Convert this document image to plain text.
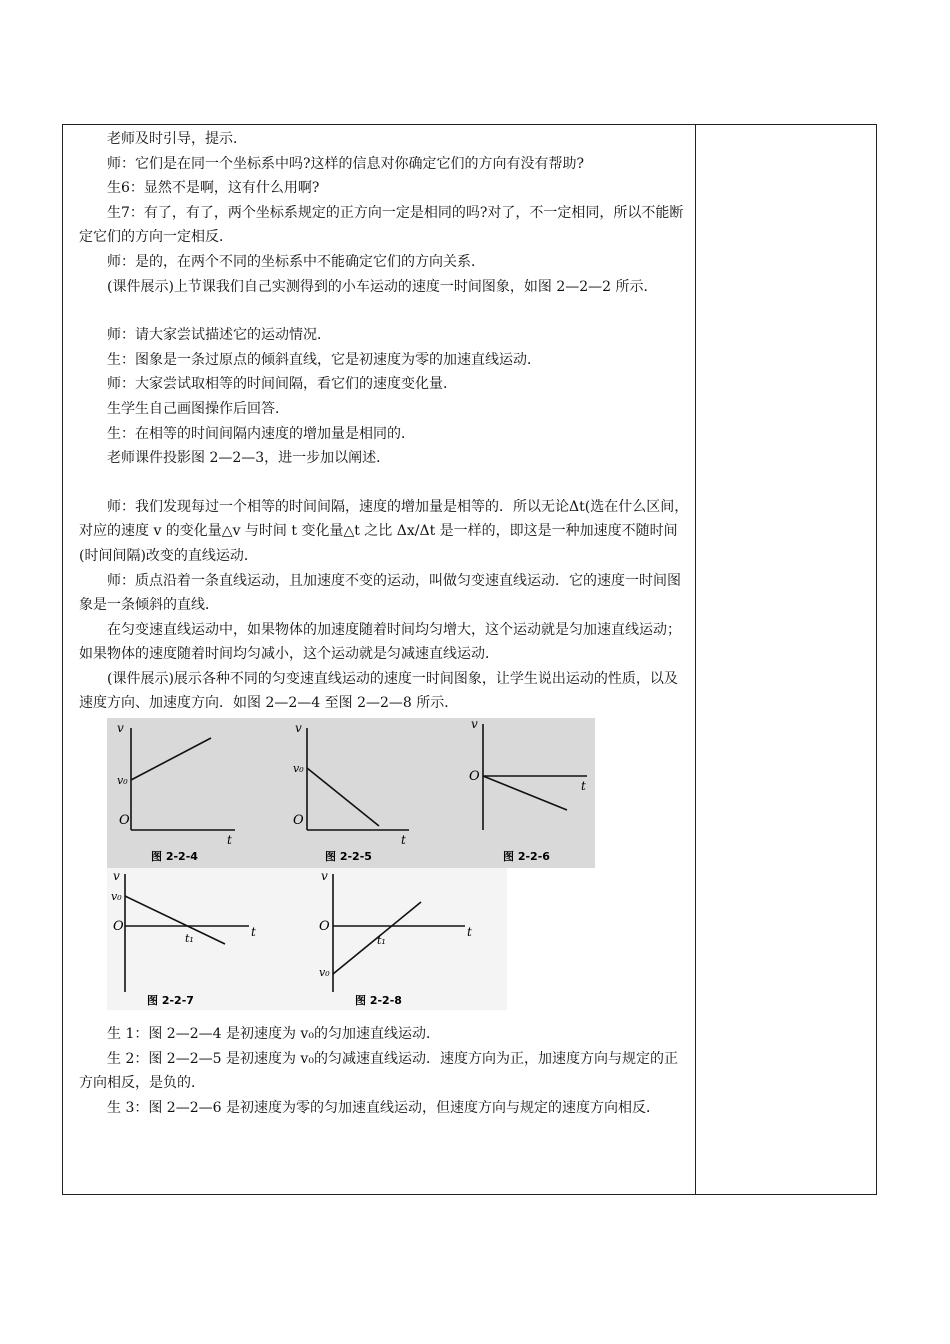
老师及时引导，提示．

师：它们是在同一个坐标系中吗?这样的信息对你确定它们的方向有没有帮助?

生6：显然不是啊，这有什么用啊?

生7：有了，有了，两个坐标系规定的正方向一定是相同的吗?对了，不一定相同，所以不能断定它们的方向一定相反．

师：是的，在两个不同的坐标系中不能确定它们的方向关系．

(课件展示)上节课我们自己实测得到的小车运动的速度一时间图象，如图 2—2—2 所示．

师：请大家尝试描述它的运动情况．

生：图象是一条过原点的倾斜直线，它是初速度为零的加速直线运动．

师：大家尝试取相等的时间间隔，看它们的速度变化量．

生学生自己画图操作后回答．

生：在相等的时间间隔内速度的增加量是相同的．

老师课件投影图 2—2—3，进一步加以阐述．

师：我们发现每过一个相等的时间间隔，速度的增加量是相等的．所以无论Δt(选在什么区间，对应的速度 v 的变化量△v 与时间 t 变化量△t 之比 Δx/Δt 是一样的，即这是一种加速度不随时间(时间间隔)改变的直线运动．

师：质点沿着一条直线运动，且加速度不变的运动，叫做匀变速直线运动．它的速度一时间图象是一条倾斜的直线．

在匀变速直线运动中，如果物体的加速度随着时间均匀增大，这个运动就是匀加速直线运动；如果物体的速度随着时间均匀减小，这个运动就是匀减速直线运动．

(课件展示)展示各种不同的匀变速直线运动的速度一时间图象，让学生说出运动的性质，以及速度方向、加速度方向．如图 2—2—4 至图 2—2—8 所示．

v
v₀
O
t
图 2-2-4
v
v₀
O
t
图 2-2-5
v
O
t
图 2-2-6
v
v₀
O
t₁	t
图 2-2-7
v
O
v₀
t₁
t
图 2-2-8

生 1：图 2—2—4 是初速度为 v₀的匀加速直线运动．

生 2：图 2—2—5 是初速度为 v₀的匀减速直线运动．速度方向为正，加速度方向与规定的正方向相反，是负的．

生 3：图 2—2—6 是初速度为零的匀加速直线运动，但速度方向与规定的速度方向相反．
